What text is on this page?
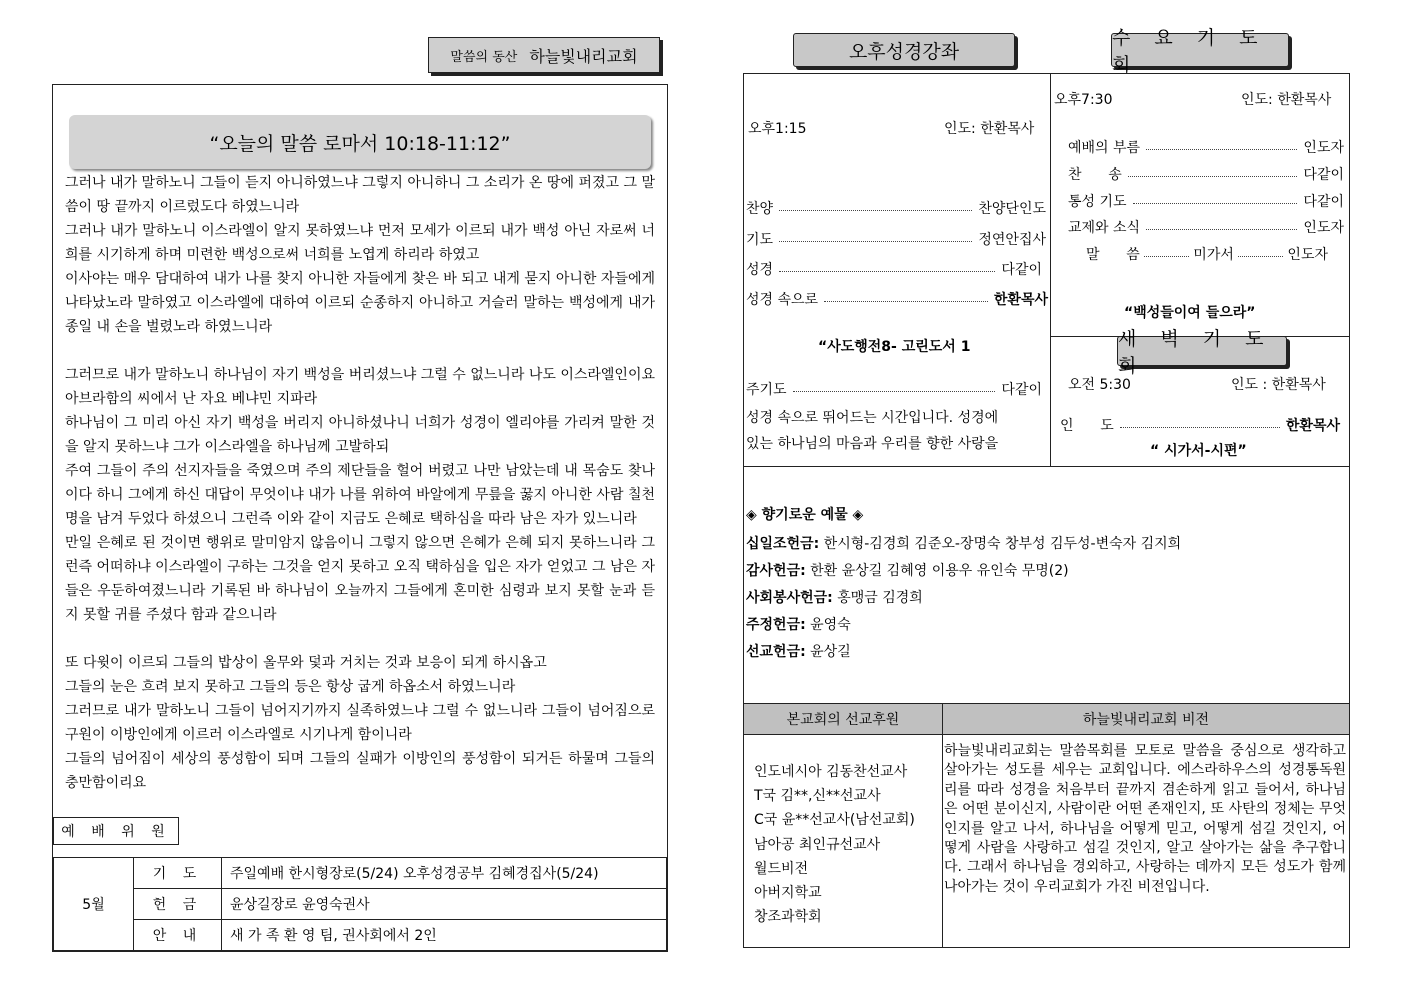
말씀의 동산 하늘빛내리교회
“오늘의 말씀 로마서 10:18-11:12”

그러나 내가 말하노니 그들이 듣지 아니하였느냐 그렇지 아니하니 그 소리가 온 땅에 퍼졌고 그 말씀이 땅 끝까지 이르렀도다 하였느니라

그러나 내가 말하노니 이스라엘이 알지 못하였느냐 먼저 모세가 이르되 내가 백성 아닌 자로써 너희를 시기하게 하며 미련한 백성으로써 너희를 노엽게 하리라 하였고

이사야는 매우 담대하여 내가 나를 찾지 아니한 자들에게 찾은 바 되고 내게 묻지 아니한 자들에게 나타났노라 말하였고 이스라엘에 대하여 이르되 순종하지 아니하고 거슬러 말하는 백성에게 내가 종일 내 손을 벌렸노라 하였느니라

그러므로 내가 말하노니 하나님이 자기 백성을 버리셨느냐 그럴 수 없느니라 나도 이스라엘인이요 아브라함의 씨에서 난 자요 베냐민 지파라

하나님이 그 미리 아신 자기 백성을 버리지 아니하셨나니 너희가 성경이 엘리야를 가리켜 말한 것을 알지 못하느냐 그가 이스라엘을 하나님께 고발하되

주여 그들이 주의 선지자들을 죽였으며 주의 제단들을 헐어 버렸고 나만 남았는데 내 목숨도 찾나이다 하니 그에게 하신 대답이 무엇이냐 내가 나를 위하여 바알에게 무릎을 꿇지 아니한 사람 칠천 명을 남겨 두었다 하셨으니 그런즉 이와 같이 지금도 은혜로 택하심을 따라 남은 자가 있느니라

만일 은혜로 된 것이면 행위로 말미암지 않음이니 그렇지 않으면 은혜가 은혜 되지 못하느니라 그런즉 어떠하냐 이스라엘이 구하는 그것을 얻지 못하고 오직 택하심을 입은 자가 얻었고 그 남은 자들은 우둔하여졌느니라 기록된 바 하나님이 오늘까지 그들에게 혼미한 심령과 보지 못할 눈과 듣지 못할 귀를 주셨다 함과 같으니라

또 다윗이 이르되 그들의 밥상이 올무와 덫과 거치는 것과 보응이 되게 하시옵고

그들의 눈은 흐려 보지 못하고 그들의 등은 항상 굽게 하옵소서 하였느니라

그러므로 내가 말하노니 그들이 넘어지기까지 실족하였느냐 그럴 수 없느니라 그들이 넘어짐으로 구원이 이방인에게 이르러 이스라엘로 시기나게 함이니라

그들의 넘어짐이 세상의 풍성함이 되며 그들의 실패가 이방인의 풍성함이 되거든 하물며 그들의 충만함이리요

예 배 위 원
5월	기 도	주일예배 한시형장로(5/24) 오후성경공부 김혜경집사(5/24)
	헌 금	윤상길장로 윤영숙권사
	안 내	새 가 족 환 영 팀, 권사회에서 2인
오후성경강좌
수 요 기 도 회
오후1:15	인도: 한환목사
찬양	찬양단인도
기도	정연안집사
성경	다같이
성경 속으로	한환목사
“사도행전8- 고린도서 1
주기도	다같이
성경 속으로 뛰어드는 시간입니다. 성경에
있는 하나님의 마음과 우리를 향한 사랑을
오후7:30	인도: 한환목사
예배의 부름	인도자
찬      송	다같이
통성 기도	다같이
교제와 소식	인도자
말      씀	미가서	인도자
“백성들이여 들으라”
오전 5:30	인도 : 한환목사
인      도	한환목사
“ 시가서-시편”
◈ 향기로운 예물 ◈
십일조헌금: 한시형-김경희 김준오-장명숙 창부성 김두성-변숙자 김지희
감사헌금: 한환 윤상길 김혜영 이용우 유인숙 무명(2)
사회봉사헌금: 홍맹금 김경희
주정헌금: 윤영숙
선교헌금: 윤상길
본교회의 선교후원	하늘빛내리교회 비전
인도네시아 김동찬선교사
T국 김**,신**선교사
C국 윤**선교사(남선교회)
남아공 최인규선교사
월드비전
아버지학교
창조과학회
하늘빛내리교회는 말씀목회를 모토로 말씀을 중심으로 생각하고 살아가는 성도를 세우는 교회입니다. 에스라하우스의 성경통독원리를 따라 성경을 처음부터 끝까지 겸손하게 읽고 들어서, 하나님은 어떤 분이신지, 사람이란 어떤 존재인지, 또 사탄의 정체는 무엇인지를 알고 나서, 하나님을 어떻게 믿고, 어떻게 섬길 것인지, 어떻게 사람을 사랑하고 섬길 것인지, 알고 살아가는 삶을 추구합니다. 그래서 하나님을 경외하고, 사랑하는 데까지 모든 성도가 함께 나아가는 것이 우리교회가 가진 비전입니다.
새 벽 기 도 회
